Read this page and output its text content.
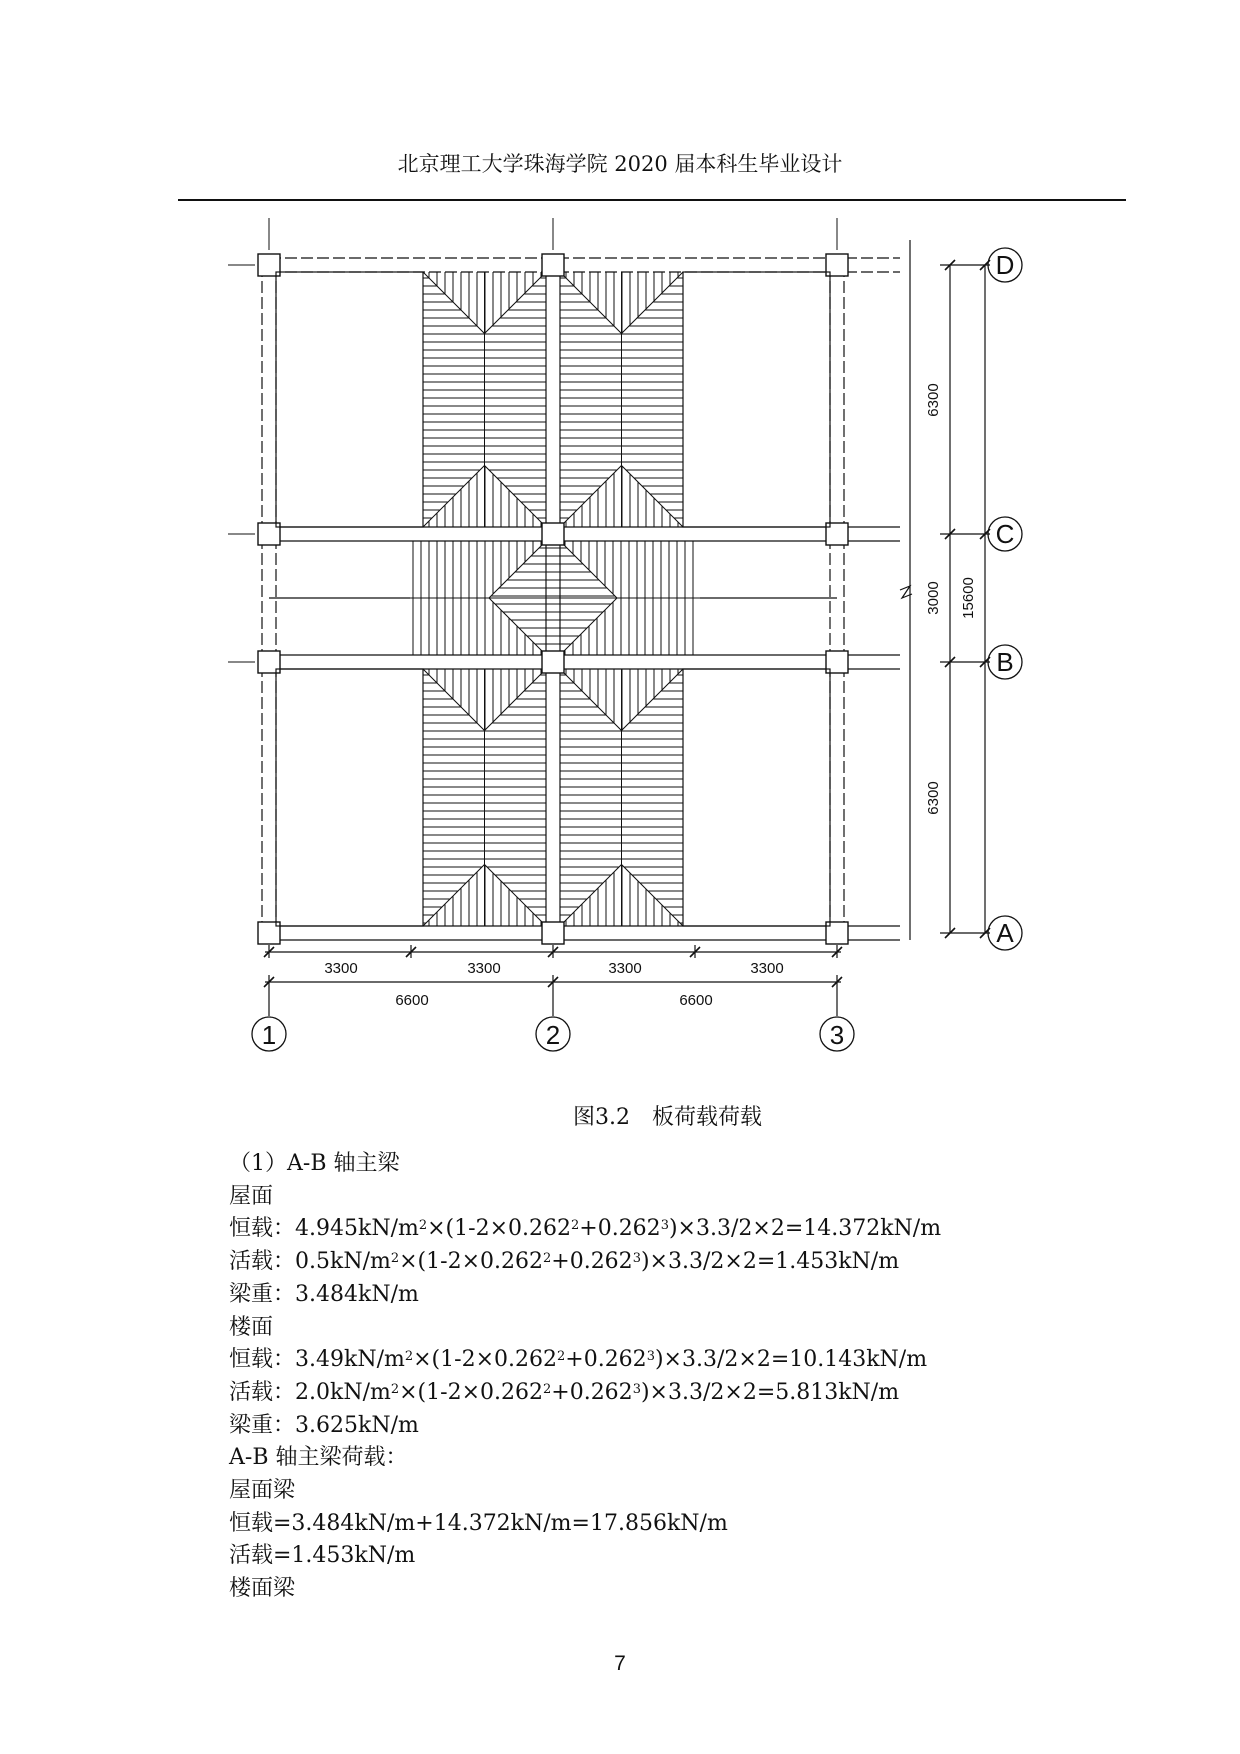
北京理工大学珠海学院 2020 届本科生毕业设计
3300	3300	3300	3300
6600	6600
6300
3000
6300
15600
1	2	3
D
C
B
A
图3.2　板荷载荷载
（1）A-B 轴主梁
屋面
恒载：$4.945kN/m^2\times(1-2\times 0.262^2+0.262^3)\times 3.3/2\times 2=14.372kN/m$
活载：$0.5kN/m^2\times(1-2\times 0.262^2+0.262^3)\times 3.3/2\times 2=1.453kN/m$
梁重：3.484kN/m
楼面
恒载：$3.49kN/m^2\times(1-2\times 0.262^2+0.262^3)\times 3.3/2\times 2=10.143kN/m$
活载：$2.0kN/m^2\times(1-2\times 0.262^2+0.262^3)\times 3.3/2\times 2=5.813kN/m$
梁重：3.625kN/m
A-B 轴主梁荷载：
屋面梁
恒载=3.484kN/m+14.372kN/m=17.856kN/m
活载=1.453kN/m
楼面梁
7
